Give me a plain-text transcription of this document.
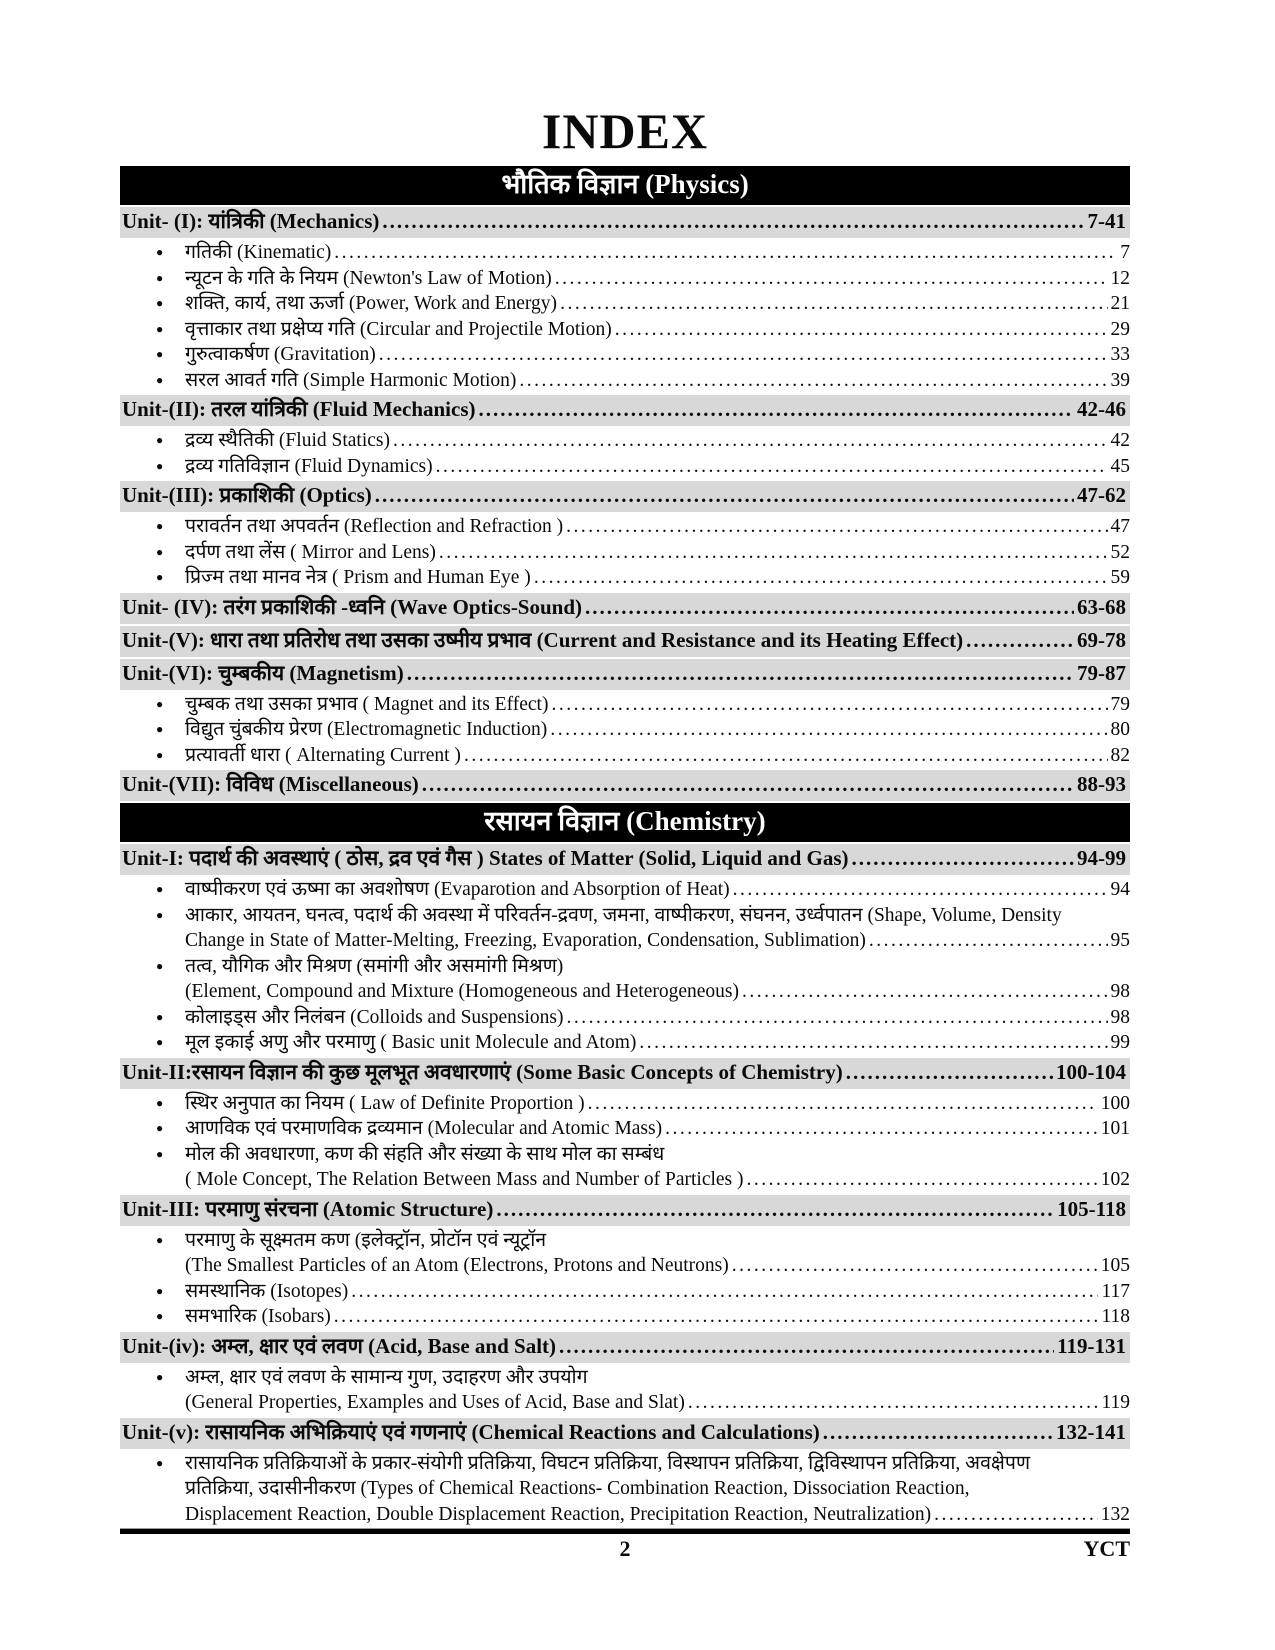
INDEX
भौतिक विज्ञान (Physics)
Unit- (I): यांत्रिकी (Mechanics) .....	7-41
●	गतिकी (Kinematic) .....	7
●	न्यूटन के गति के नियम (Newton's Law of Motion) .....	12
●	शक्ति, कार्य, तथा ऊर्जा (Power, Work and Energy) .....	21
●	वृत्ताकार तथा प्रक्षेप्य गति (Circular and Projectile Motion) .....	29
●	गुरुत्वाकर्षण (Gravitation) .....	33
●	सरल आवर्त गति (Simple Harmonic Motion) .....	39
Unit-(II): तरल यांत्रिकी (Fluid Mechanics) .....	42-46
●	द्रव्य स्थैतिकी (Fluid Statics) .....	42
●	द्रव्य गतिविज्ञान (Fluid Dynamics) .....	45
Unit-(III): प्रकाशिकी (Optics) .....	47-62
●	परावर्तन तथा अपवर्तन (Reflection and Refraction ) .....	47
●	दर्पण तथा लेंस ( Mirror and Lens) .....	52
●	प्रिज्म तथा मानव नेत्र ( Prism and Human Eye ) .....	59
Unit- (IV): तरंग प्रकाशिकी -ध्वनि (Wave Optics-Sound) .....	63-68
Unit-(V): धारा तथा प्रतिरोध तथा उसका उष्मीय प्रभाव (Current and Resistance and its Heating Effect) .....	69-78
Unit-(VI): चुम्बकीय (Magnetism) .....	79-87
●	चुम्बक तथा उसका प्रभाव ( Magnet and its Effect) .....	79
●	विद्युत चुंबकीय प्रेरण (Electromagnetic Induction) .....	80
●	प्रत्यावर्ती धारा ( Alternating Current ) .....	82
Unit-(VII): विविध (Miscellaneous) .....	88-93
रसायन विज्ञान (Chemistry)
Unit-I: पदार्थ की अवस्थाएं ( ठोस, द्रव एवं गैस ) States of Matter (Solid, Liquid and Gas) .....	94-99
●	वाष्पीकरण एवं ऊष्मा का अवशोषण (Evaparotion and Absorption of Heat) .....	94
●	आकार, आयतन, घनत्व, पदार्थ की अवस्था में परिवर्तन-द्रवण, जमना, वाष्पीकरण, संघनन, उर्ध्वपातन (Shape, Volume, Density
Change in State of Matter-Melting, Freezing, Evaporation, Condensation, Sublimation) .....	95
●	तत्व, यौगिक और मिश्रण (समांगी और असमांगी मिश्रण)
(Element, Compound and Mixture (Homogeneous and Heterogeneous) .....	98
●	कोलाइड्स और निलंबन (Colloids and Suspensions) .....	98
●	मूल इकाई अणु और परमाणु ( Basic unit Molecule and Atom) .....	99
Unit-II:रसायन विज्ञान की कुछ मूलभूत अवधारणाएं (Some Basic Concepts of Chemistry) .....	100-104
●	स्थिर अनुपात का नियम ( Law of Definite Proportion ) .....	100
●	आणविक एवं परमाणविक द्रव्यमान (Molecular and Atomic Mass) .....	101
●	मोल की अवधारणा, कण की संहति और संख्या के साथ मोल का सम्बंध
( Mole Concept, The Relation Between Mass and Number of Particles ) .....	102
Unit-III: परमाणु संरचना (Atomic Structure) .....	105-118
●	परमाणु के सूक्ष्मतम कण (इलेक्ट्रॉन, प्रोटॉन एवं न्यूट्रॉन
(The Smallest Particles of an Atom (Electrons, Protons and Neutrons) .....	105
●	समस्थानिक (Isotopes) .....	117
●	समभारिक (Isobars) .....	118
Unit-(iv): अम्ल, क्षार एवं लवण (Acid, Base and Salt) .....	119-131
●	अम्ल, क्षार एवं लवण के सामान्य गुण, उदाहरण और उपयोग
(General Properties, Examples and Uses of Acid, Base and Slat) .....	119
Unit-(v): रासायनिक अभिक्रियाएं एवं गणनाएं (Chemical Reactions and Calculations) .....	132-141
●	रासायनिक प्रतिक्रियाओं के प्रकार-संयोगी प्रतिक्रिया, विघटन प्रतिक्रिया, विस्थापन प्रतिक्रिया, द्विविस्थापन प्रतिक्रिया, अवक्षेपण
प्रतिक्रिया, उदासीनीकरण (Types of Chemical Reactions- Combination Reaction, Dissociation Reaction,
Displacement Reaction, Double Displacement Reaction, Precipitation Reaction, Neutralization) .....	132
2	YCT
